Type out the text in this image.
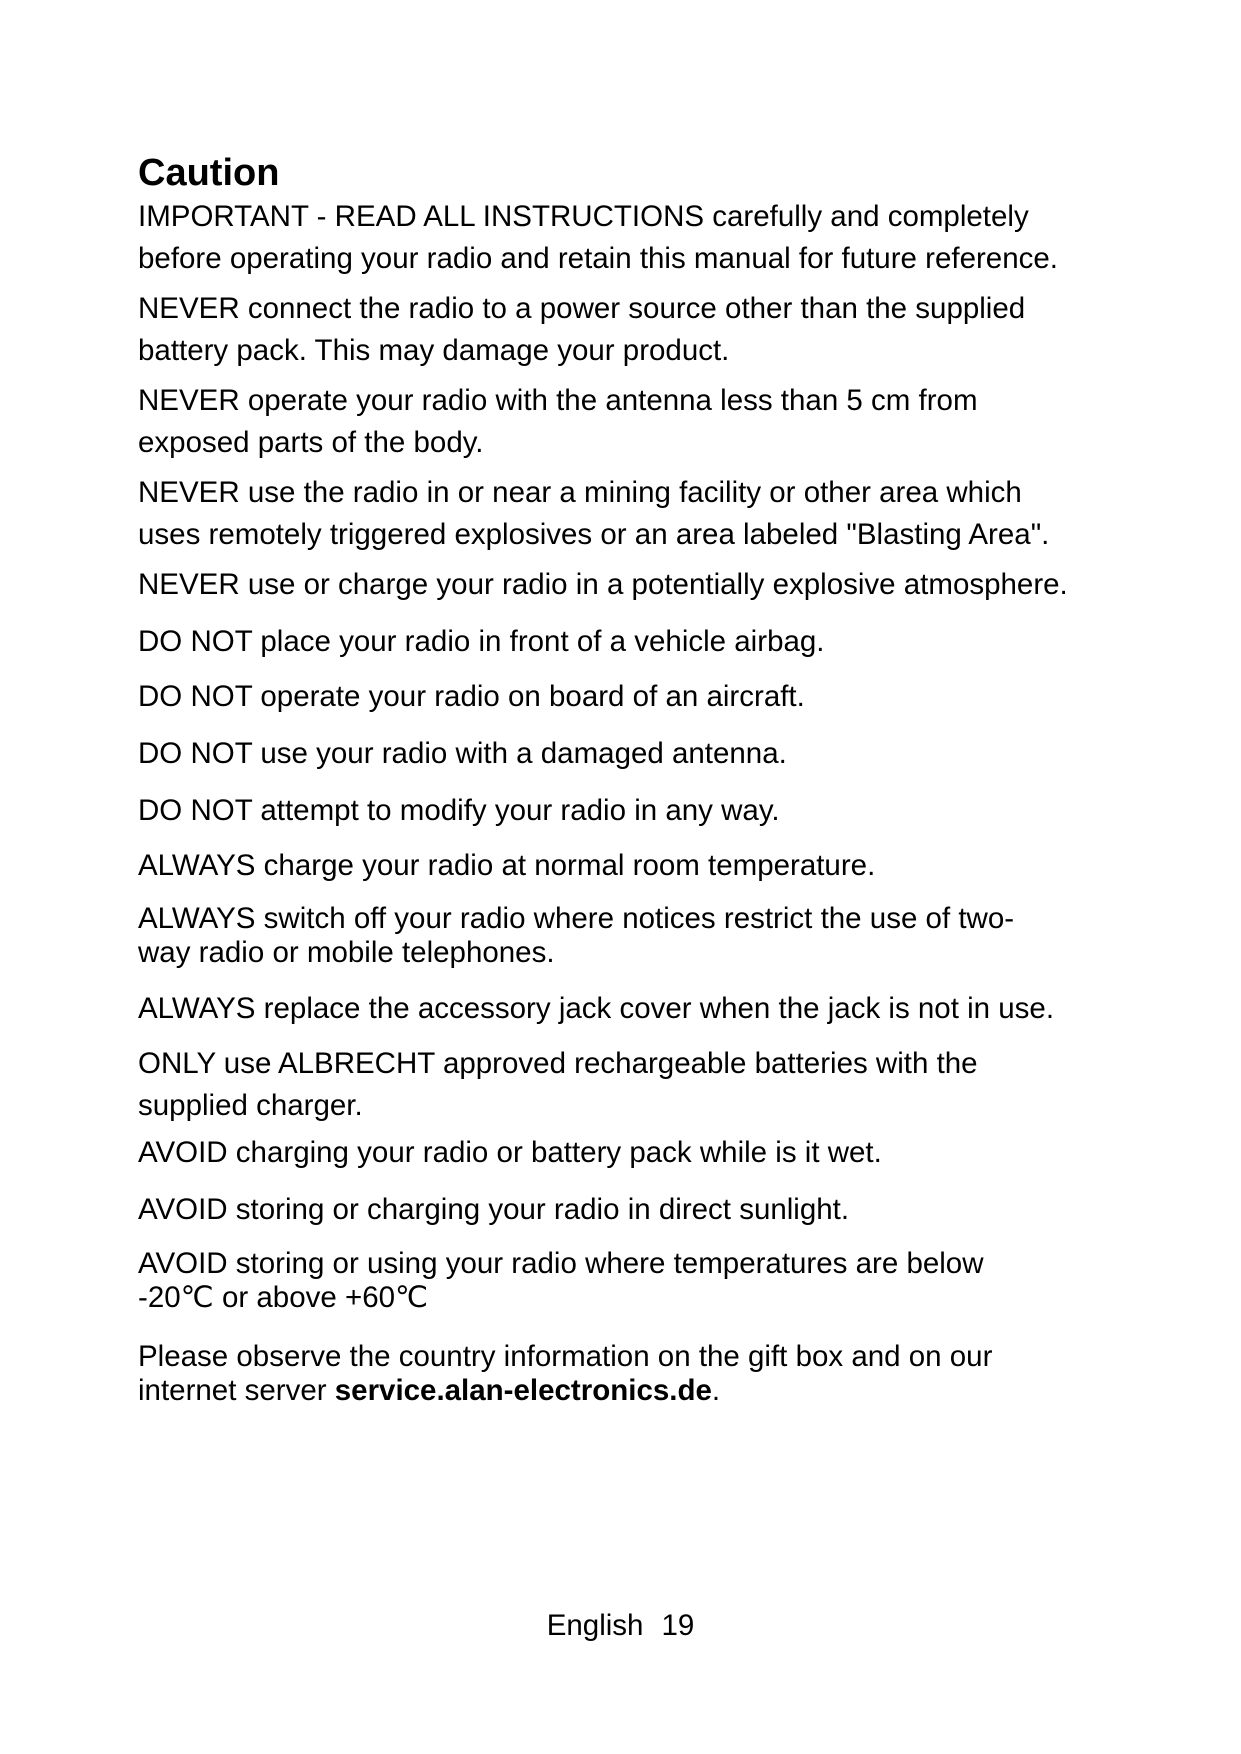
Caution

IMPORTANT - READ ALL INSTRUCTIONS carefully and completely
before operating your radio and retain this manual for future reference.

NEVER connect the radio to a power source other than the supplied
battery pack. This may damage your product.

NEVER operate your radio with the antenna less than 5 cm from
exposed parts of the body.

NEVER use the radio in or near a mining facility or other area which
uses remotely triggered explosives or an area labeled "Blasting Area".

NEVER use or charge your radio in a potentially explosive atmosphere.

DO NOT place your radio in front of a vehicle airbag.

DO NOT operate your radio on board of an aircraft.

DO NOT use your radio with a damaged antenna.

DO NOT attempt to modify your radio in any way.

ALWAYS charge your radio at normal room temperature.

ALWAYS switch off your radio where notices restrict the use of two-
way radio or mobile telephones.

ALWAYS replace the accessory jack cover when the jack is not in use.

ONLY use ALBRECHT approved rechargeable batteries with the
supplied charger.

AVOID charging your radio or battery pack while is it wet.

AVOID storing or charging your radio in direct sunlight.

AVOID storing or using your radio where temperatures are below
-20℃ or above +60℃

Please observe the country information on the gift box and on our
internet server service.alan-electronics.de.

English 19
